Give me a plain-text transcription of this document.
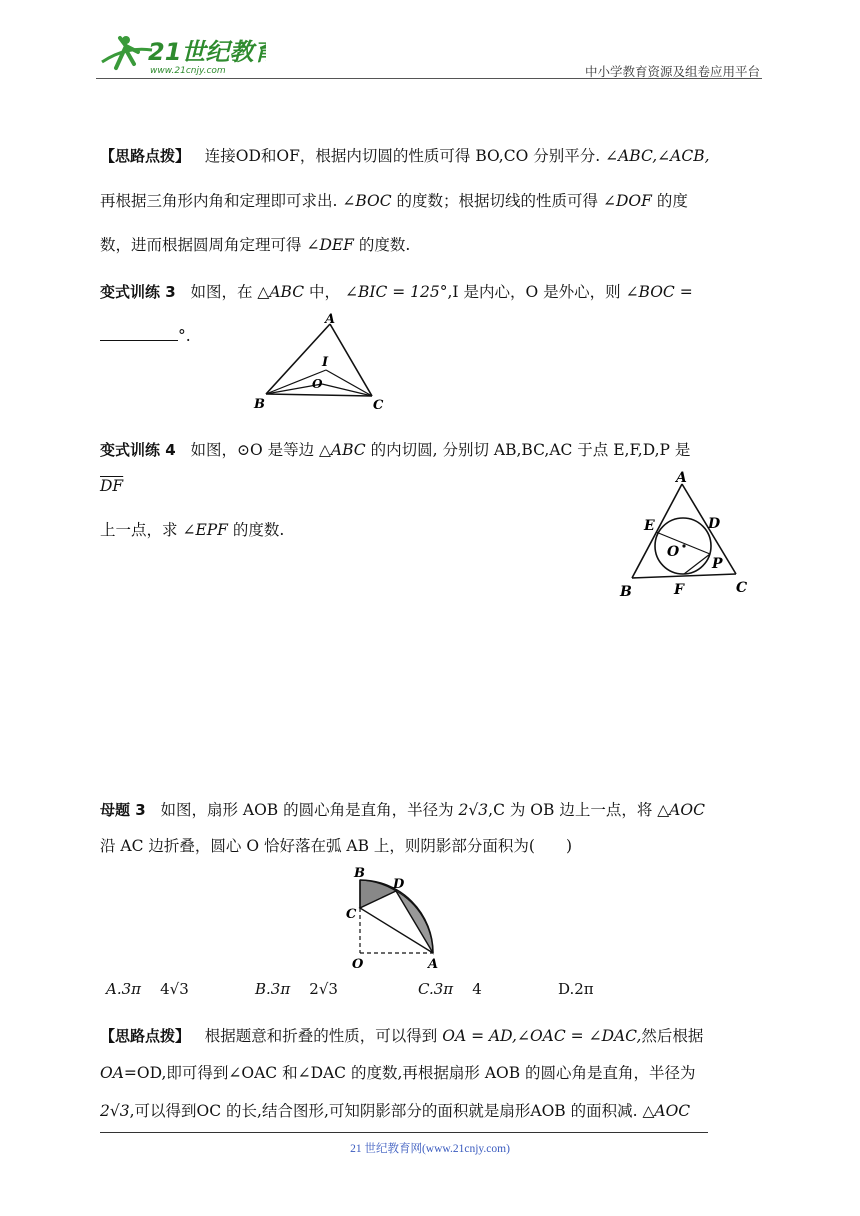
21世纪教育
www.21cnjy.com	中小学教育资源及组卷应用平台
【思路点拨】 连接OD和OF，根据内切圆的性质可得 BO,CO 分别平分. ∠ABC,∠ACB,
再根据三角形内角和定理即可求出. ∠BOC 的度数；根据切线的性质可得 ∠DOF 的度
数，进而根据圆周角定理可得 ∠DEF 的度数.
变式训练 3 如图，在 △ABC 中， ∠BIC = 125°,I 是内心，O 是外心，则 ∠BOC =
°.
A
B	C
I
O
变式训练 4 如图，⊙O 是等边 △ABC 的内切圆, 分别切 AB,BC,AC 于点 E,F,D,P 是
$\overline{DF}$
上一点，求 ∠EPF 的度数.
A
B	C
D
E
F
O
P
母题 3 如图，扇形 AOB 的圆心角是直角，半径为 2√3,C 为 OB 边上一点，将 △AOC
沿 AC 边折叠，圆心 O 恰好落在弧 AB 上，则阴影部分面积为(　　)
B
D
C
O	A
A.3π 4√3	B.3π 2√3	C.3π 4	D.2π
【思路点拨】 根据题意和折叠的性质，可以得到 OA = AD,∠OAC = ∠DAC,然后根据
OA=OD,即可得到∠OAC 和∠DAC 的度数,再根据扇形 AOB 的圆心角是直角，半径为
2√3,可以得到OC 的长,结合图形,可知阴影部分的面积就是扇形AOB 的面积减. △AOC
21 世纪教育网(www.21cnjy.com)
